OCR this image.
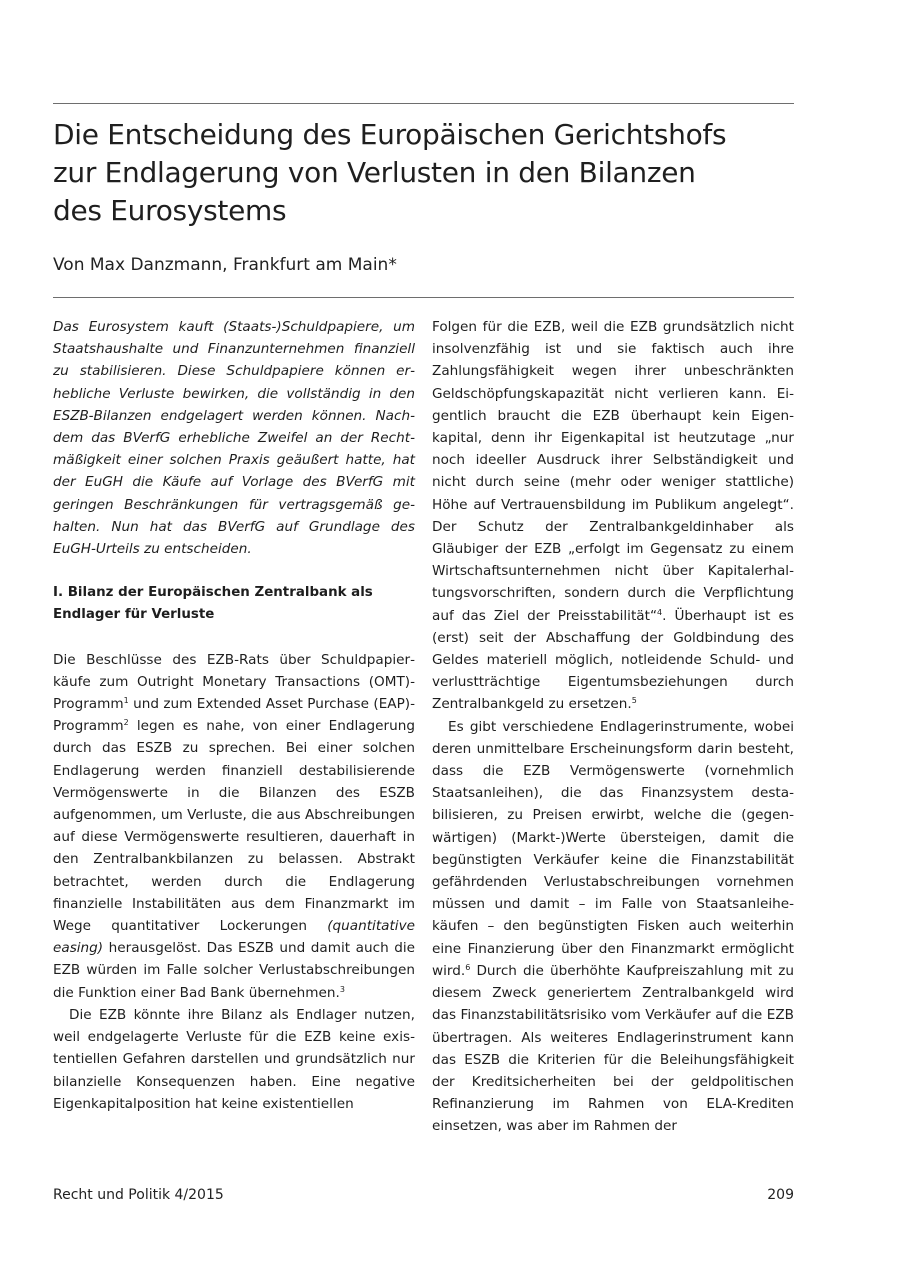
Die Entscheidung des Europäischen Gerichtshofs
zur Endlagerung von Verlusten in den Bilanzen
des Eurosystems

Von Max Danzmann, Frankfurt am Main*

Das Eurosystem kauft (Staats-)Schuldpapiere, um Staatshaushalte und Finanzunternehmen finanziell zu stabilisieren. Diese Schuldpapiere können erhebliche Verluste bewirken, die vollständig in den ESZB-Bilanzen endgelagert werden können. Nachdem das BVerfG erhebliche Zweifel an der Rechtmäßigkeit einer solchen Praxis geäußert hatte, hat der EuGH die Käufe auf Vorlage des BVerfG mit geringen Beschränkungen für vertragsgemäß gehalten. Nun hat das BVerfG auf Grundlage des EuGH-Urteils zu entscheiden.

I. Bilanz der Europäischen Zentralbank als Endlager für Verluste

Die Beschlüsse des EZB-Rats über Schuldpapierkäufe zum Outright Monetary Transactions (OMT)-Programm$^1$ und zum Extended Asset Purchase (EAP)-Programm$^2$ legen es nahe, von einer Endlagerung durch das ESZB zu sprechen. Bei einer solchen Endlagerung werden finanziell destabilisierende Vermögenswerte in die Bilanzen des ESZB aufgenommen, um Verluste, die aus Abschreibungen auf diese Vermögenswerte resultieren, dauerhaft in den Zentralbankbilanzen zu belassen. Abstrakt betrachtet, werden durch die Endlagerung finanzielle Instabilitäten aus dem Finanzmarkt im Wege quantitativer Lockerungen (quantitative easing) herausgelöst. Das ESZB und damit auch die EZB würden im Falle solcher Verlustabschreibungen die Funktion einer Bad Bank übernehmen.$^3$

Die EZB könnte ihre Bilanz als Endlager nutzen, weil endgelagerte Verluste für die EZB keine existentiellen Gefahren darstellen und grundsätzlich nur bilanzielle Konsequenzen haben. Eine negative Eigenkapitalposition hat keine existentiellen

Folgen für die EZB, weil die EZB grundsätzlich nicht insolvenzfähig ist und sie faktisch auch ihre Zahlungsfähigkeit wegen ihrer unbeschränkten Geldschöpfungskapazität nicht verlieren kann. Eigentlich braucht die EZB überhaupt kein Eigenkapital, denn ihr Eigenkapital ist heutzutage „nur noch ideeller Ausdruck ihrer Selbständigkeit und nicht durch seine (mehr oder weniger stattliche) Höhe auf Vertrauensbildung im Publikum angelegt“. Der Schutz der Zentralbankgeldinhaber als Gläubiger der EZB „erfolgt im Gegensatz zu einem Wirtschaftsunternehmen nicht über Kapitalerhaltungsvorschriften, sondern durch die Verpflichtung auf das Ziel der Preisstabilität“$^4$. Überhaupt ist es (erst) seit der Abschaffung der Goldbindung des Geldes materiell möglich, notleidende Schuld- und verlustträchtige Eigentumsbeziehungen durch Zentralbankgeld zu ersetzen.$^5$

Es gibt verschiedene Endlagerinstrumente, wobei deren unmittelbare Erscheinungsform darin besteht, dass die EZB Vermögenswerte (vornehmlich Staatsanleihen), die das Finanzsystem destabilisieren, zu Preisen erwirbt, welche die (gegenwärtigen) (Markt-)Werte übersteigen, damit die begünstigten Verkäufer keine die Finanzstabilität gefährdenden Verlustabschreibungen vornehmen müssen und damit – im Falle von Staatsanleihekäufen – den begünstigten Fisken auch weiterhin eine Finanzierung über den Finanzmarkt ermöglicht wird.$^6$ Durch die überhöhte Kaufpreiszahlung mit zu diesem Zweck generiertem Zentralbankgeld wird das Finanzstabilitätsrisiko vom Verkäufer auf die EZB übertragen. Als weiteres Endlagerinstrument kann das ESZB die Kriterien für die Beleihungsfähigkeit der Kreditsicherheiten bei der geldpolitischen Refinanzierung im Rahmen von ELA-Krediten einsetzen, was aber im Rahmen der

Recht und Politik 4/2015	209
